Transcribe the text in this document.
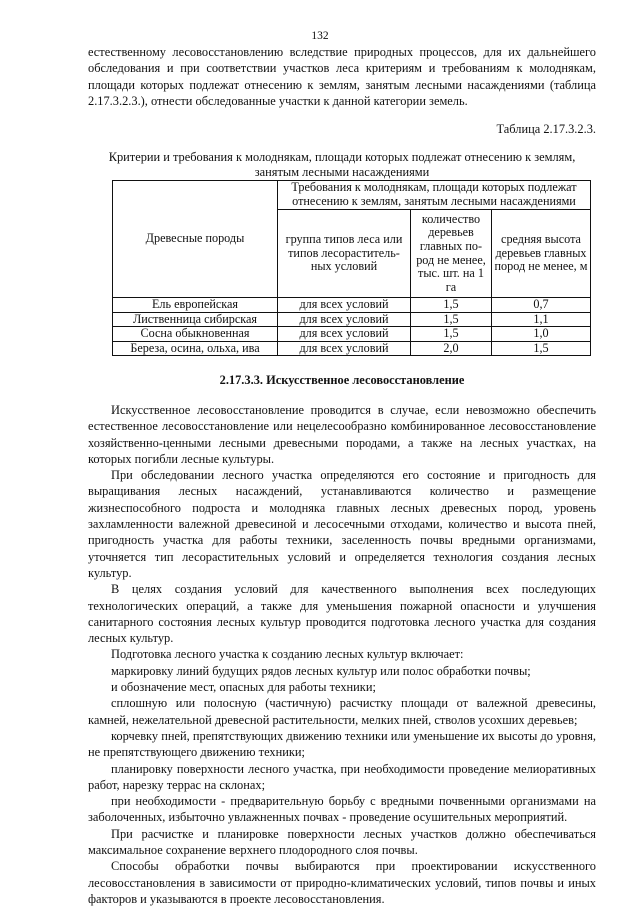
132

естественному лесовосстановлению вследствие природных процессов, для их дальнейшего обследования и при соответствии участков леса критериям и требованиям к молоднякам, площади которых подлежат отнесению к землям, занятым лесными насаждениями (таблица 2.17.3.2.3.), отнести обследованные участки к данной категории земель.

Таблица 2.17.3.2.3.
Критерии и требования к молоднякам, площади которых подлежат отнесению к землям, занятым лесными насаждениями
Древесные породы	Требования к молоднякам, площади которых подлежат отнесению к землям, занятым лесными насаждениями		
	группа типов леса или типов лесораститель-ных условий	количество деревьев главных по-род не менее, тыс. шт. на 1 га	средняя высота деревьев главных пород не менее, м
Ель европейская	для всех условий	1,5	0,7
Лиственница сибирская	для всех условий	1,5	1,1
Сосна обыкновенная	для всех условий	1,5	1,0
Береза, осина, ольха, ива	для всех условий	2,0	1,5
2.17.3.3. Искусственное лесовосстановление

Искусственное лесовосстановление проводится в случае, если невозможно обеспечить естественное лесовосстановление или нецелесообразно комбинированное лесовосстановление хозяйственно-ценными лесными древесными породами, а также на лесных участках, на которых погибли лесные культуры.

При обследовании лесного участка определяются его состояние и пригодность для выращивания лесных насаждений, устанавливаются количество и размещение жизнеспособного подроста и молодняка главных лесных древесных пород, уровень захламленности валежной древесиной и лесосечными отходами, количество и высота пней, пригодность участка для работы техники, заселенность почвы вредными организмами, уточняется тип лесорастительных условий и определяется технология создания лесных культур.

В целях создания условий для качественного выполнения всех последующих технологических операций, а также для уменьшения пожарной опасности и улучшения санитарного состояния лесных культур проводится подготовка лесного участка для создания лесных культур.

Подготовка лесного участка к созданию лесных культур включает:

маркировку линий будущих рядов лесных культур или полос обработки почвы;

и обозначение мест, опасных для работы техники;

сплошную или полосную (частичную) расчистку площади от валежной древесины, камней, нежелательной древесной растительности, мелких пней, стволов усохших деревьев;

корчевку пней, препятствующих движению техники или уменьшение их высоты до уровня, не препятствующего движению техники;

планировку поверхности лесного участка, при необходимости проведение мелиоративных работ, нарезку террас на склонах;

при необходимости - предварительную борьбу с вредными почвенными организмами на заболоченных, избыточно увлажненных почвах - проведение осушительных мероприятий.

При расчистке и планировке поверхности лесных участков должно обеспечиваться максимальное сохранение верхнего плодородного слоя почвы.

Способы обработки почвы выбираются при проектировании искусственного лесовосстановления в зависимости от природно-климатических условий, типов почвы и иных факторов и указываются в проекте лесовосстановления.
